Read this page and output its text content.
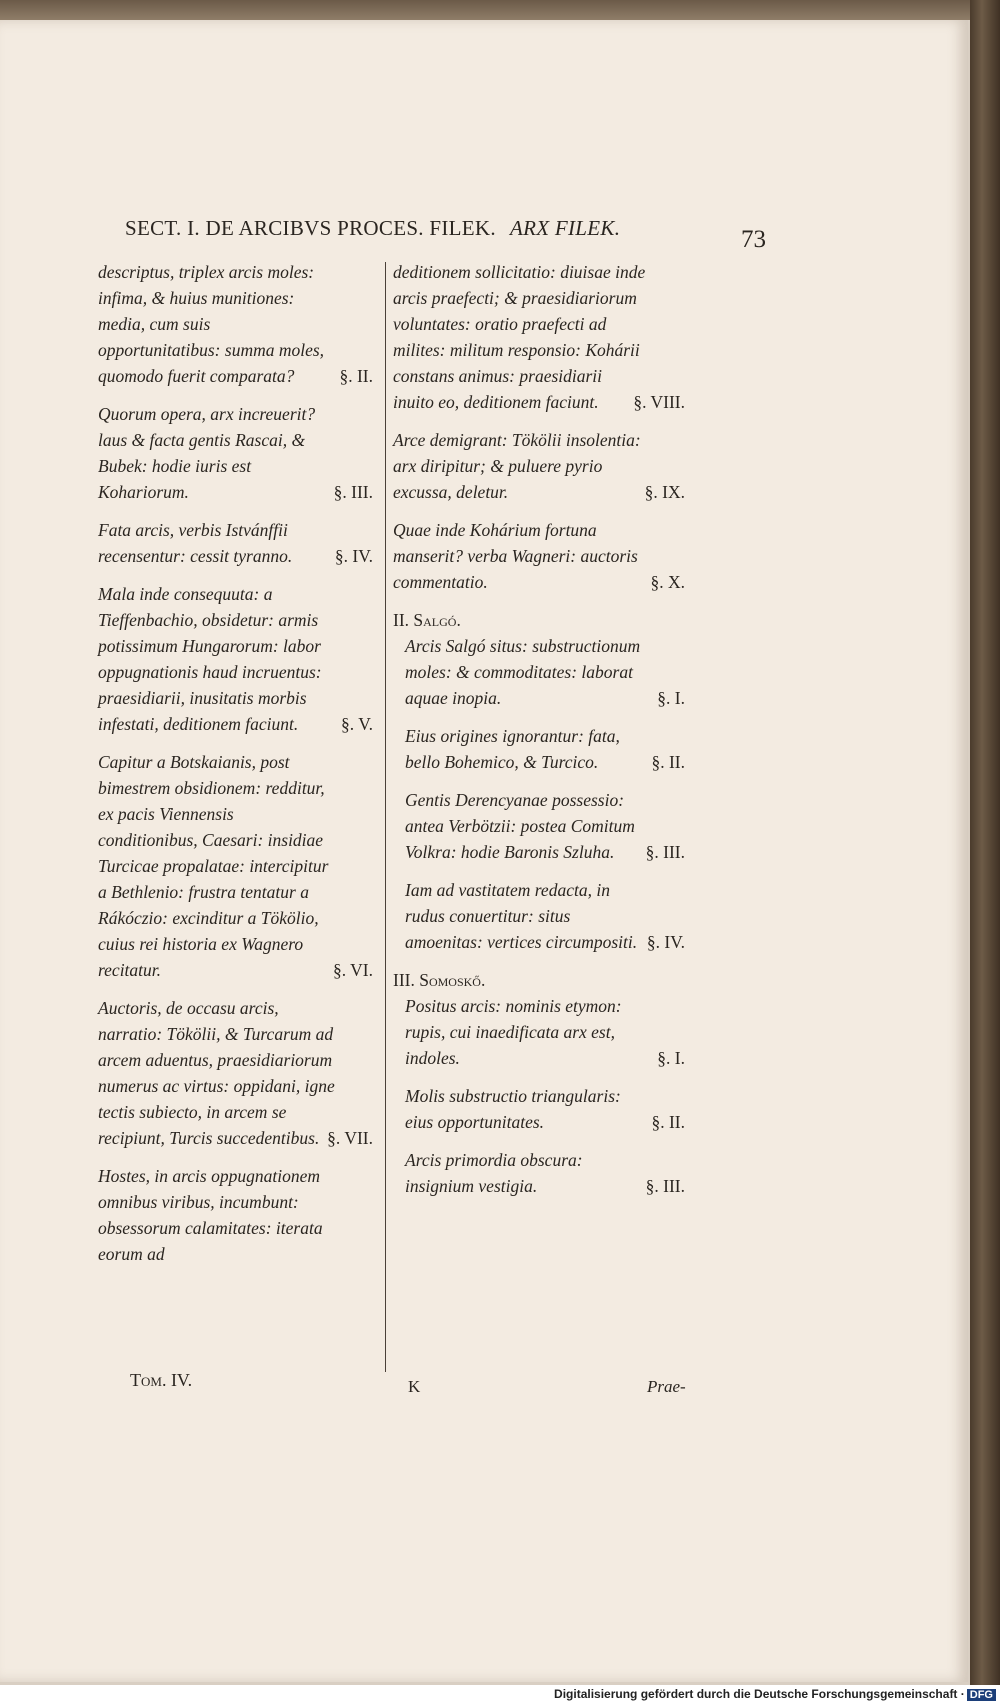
SECT. I. DE ARCIBVS PROCES. FILEK. ARX FILEK.	73
descriptus, triplex arcis moles: infima, & huius munitiones: media, cum suis opportunitatibus: summa moles, quomodo fuerit comparata?	§. II.
Quorum opera, arx increuerit? laus & facta gentis Rascai, & Bubek: hodie iuris est Kohariorum.	§. III.
Fata arcis, verbis Istvánffii recensentur: cessit tyranno.	§. IV.
Mala inde consequuta: a Tieffenbachio, obsidetur: armis potissimum Hungarorum: labor oppugnationis haud incruentus: praesidiarii, inusitatis morbis infestati, deditionem faciunt.	§. V.
Capitur a Botskaianis, post bimestrem obsidionem: redditur, ex pacis Viennensis conditionibus, Caesari: insidiae Turcicae propalatae: intercipitur a Bethlenio: frustra tentatur a Rákóczio: excinditur a Tökölio, cuius rei historia ex Wagnero recitatur.	§. VI.
Auctoris, de occasu arcis, narratio: Tökölii, & Turcarum ad arcem aduentus, praesidiariorum numerus ac virtus: oppidani, igne tectis subiecto, in arcem se recipiunt, Turcis succedentibus. §. VII.
Hostes, in arcis oppugnationem omnibus viribus, incumbunt: obsessorum calamitates: iterata eorum ad
deditionem sollicitatio: diuisae inde arcis praefecti; & praesidiariorum voluntates: oratio praefecti ad milites: militum responsio: Kohárii constans animus: praesidiarii inuito eo, deditionem faciunt.	§. VIII.
Arce demigrant: Tökölii insolentia: arx diripitur; & puluere pyrio excussa, deletur.	§. IX.
Quae inde Kohárium fortuna manserit? verba Wagneri: auctoris commentatio.	§. X.
II. Salgó.
Arcis Salgó situs: substructionum moles: & commoditates: laborat aquae inopia.	§. I.
Eius origines ignorantur: fata, bello Bohemico, & Turcico.	§. II.
Gentis Derencyanae possessio: antea Verbötzii: postea Comitum Volkra: hodie Baronis Szluha.	§. III.
Iam ad vastitatem redacta, in rudus conuertitur: situs amoenitas: vertices circumpositi. §. IV.
III. Somoskő.
Positus arcis: nominis etymon: rupis, cui inaedificata arx est, indoles.	§. I.
Molis substructio triangularis: eius opportunitates.	§. II.
Arcis primordia obscura: insignium vestigia.	§. III.
Tom. IV.	K	Prae-
Digitalisierung gefördert durch die Deutsche Forschungsgemeinschaft · DFG
